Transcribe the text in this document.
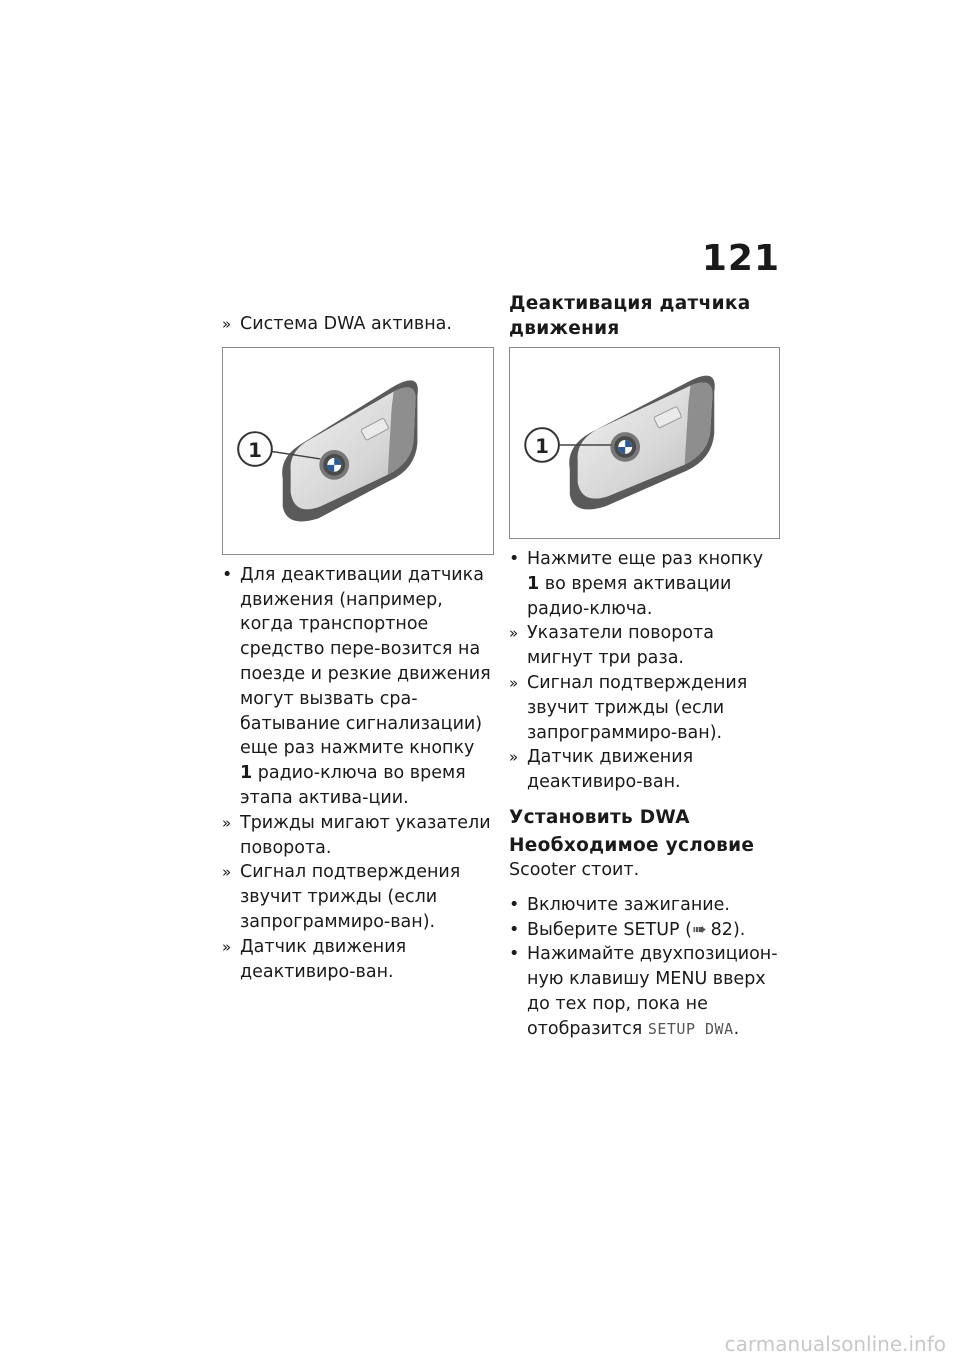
121
» Система DWA активна.
1
• Для деактивации датчика движения (например, когда транспортное средство пере-возится на поезде и резкие движения могут вызвать сра-батывание сигнализации) еще раз нажмите кнопку 1 радио-ключа во время этапа актива-ции.
» Трижды мигают указатели поворота.
» Сигнал подтверждения звучит трижды (если запрограммиро-ван).
» Датчик движения деактивиро-ван.
Деактивация датчика движения
1
• Нажмите еще раз кнопку 1 во время активации радио-ключа.
» Указатели поворота мигнут три раза.
» Сигнал подтверждения звучит трижды (если запрограммиро-ван).
» Датчик движения деактивиро-ван.
Установить DWA
Необходимое условие

Scooter стоит.

• Включите зажигание.
• Выберите SETUP (➠ 82).
• Нажимайте двухпозицион-ную клавишу MENU вверх до тех пор, пока не отобразится SETUP DWA.
carmanualsonline.info
